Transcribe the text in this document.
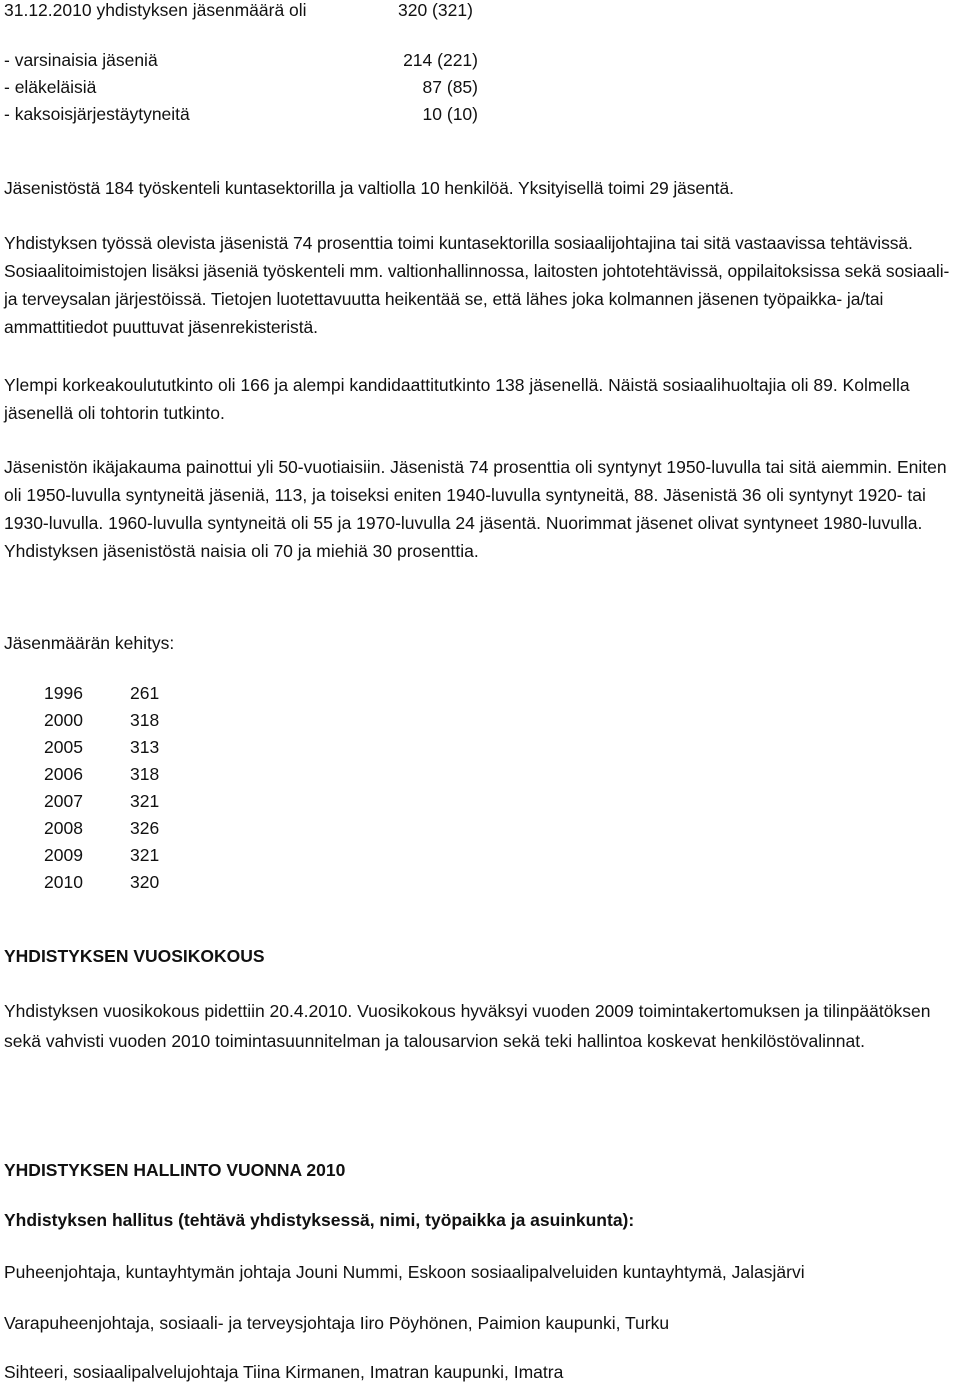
31.12.2010 yhdistyksen jäsenmäärä oli	320 (321)
- varsinaisia jäseniä	214 (221)
- eläkeläisiä	87 (85)
- kaksoisjärjestäytyneitä	10 (10)
Jäsenistöstä 184 työskenteli kuntasektorilla ja valtiolla 10 henkilöä. Yksityisellä toimi 29 jäsentä.
Yhdistyksen työssä olevista jäsenistä 74 prosenttia toimi kuntasektorilla sosiaalijohtajina tai sitä vastaavissa tehtävissä. Sosiaalitoimistojen lisäksi jäseniä työskenteli mm. valtionhallinnossa, laitosten johtotehtävissä, oppilaitoksissa sekä sosiaali- ja terveysalan järjestöissä. Tietojen luotettavuutta heikentää se, että lähes joka kolmannen jäsenen työpaikka- ja/tai ammattitiedot puuttuvat jäsenrekisteristä.
Ylempi korkeakoulututkinto oli 166 ja alempi kandidaattitutkinto 138 jäsenellä. Näistä sosiaalihuoltajia oli 89. Kolmella jäsenellä oli tohtorin tutkinto.
Jäsenistön ikäjakauma painottui yli 50-vuotiaisiin. Jäsenistä 74 prosenttia oli syntynyt 1950-luvulla tai sitä aiemmin. Eniten oli 1950-luvulla syntyneitä jäseniä, 113, ja toiseksi eniten 1940-luvulla syntyneitä, 88. Jäsenistä 36 oli syntynyt 1920- tai 1930-luvulla. 1960-luvulla syntyneitä oli 55 ja 1970-luvulla 24 jäsentä. Nuorimmat jäsenet olivat syntyneet 1980-luvulla. Yhdistyksen jäsenistöstä naisia oli 70 ja miehiä 30 prosenttia.
Jäsenmäärän kehitys:
1996	261
2000	318
2005	313
2006	318
2007	321
2008	326
2009	321
2010	320
YHDISTYKSEN VUOSIKOKOUS
Yhdistyksen vuosikokous pidettiin 20.4.2010. Vuosikokous hyväksyi vuoden 2009 toimintakertomuksen ja tilinpäätöksen sekä vahvisti vuoden 2010 toimintasuunnitelman ja talousarvion sekä teki hallintoa koskevat henkilöstövalinnat.
YHDISTYKSEN HALLINTO VUONNA 2010
Yhdistyksen hallitus (tehtävä yhdistyksessä, nimi, työpaikka ja asuinkunta):
Puheenjohtaja, kuntayhtymän johtaja Jouni Nummi, Eskoon sosiaalipalveluiden kuntayhtymä, Jalasjärvi
Varapuheenjohtaja, sosiaali- ja terveysjohtaja Iiro Pöyhönen, Paimion kaupunki, Turku
Sihteeri, sosiaalipalvelujohtaja Tiina Kirmanen, Imatran kaupunki, Imatra
